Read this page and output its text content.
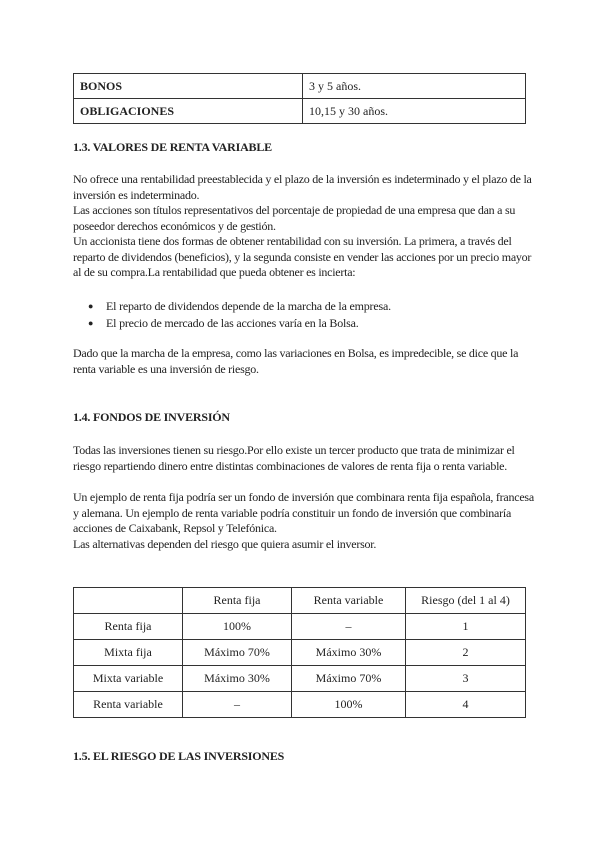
BONOS	3 y 5 años.
OBLIGACIONES	10,15 y 30 años.
1.3. VALORES DE RENTA VARIABLE

No ofrece una rentabilidad preestablecida y el plazo de la inversión es indeterminado y el plazo de la inversión es indeterminado.

Las acciones son títulos representativos del porcentaje de propiedad de una empresa que dan a su poseedor derechos económicos y de gestión.

Un accionista tiene dos formas de obtener rentabilidad con su inversión. La primera, a través del reparto de dividendos (beneficios), y la segunda consiste en vender las acciones por un precio mayor al de su compra.La rentabilidad que pueda obtener es incierta:

● El reparto de dividendos depende de la marcha de la empresa.
● El precio de mercado de las acciones varía en la Bolsa.

Dado que la marcha de la empresa, como las variaciones en Bolsa, es impredecible, se dice que la renta variable es una inversión de riesgo.

1.4. FONDOS DE INVERSIÓN

Todas las inversiones tienen su riesgo.Por ello existe un tercer producto que trata de minimizar el riesgo repartiendo dinero entre distintas combinaciones de valores de renta fija o renta variable.

Un ejemplo de renta fija podría ser un fondo de inversión que combinara renta fija española, francesa y alemana. Un ejemplo de renta variable podría constituir un fondo de inversión que combinaría acciones de Caixabank, Repsol y Telefónica.

Las alternativas dependen del riesgo que quiera asumir el inversor.

	Renta fija	Renta variable	Riesgo (del 1 al 4)
Renta fija	100%	–	1
Mixta fija	Máximo 70%	Máximo 30%	2
Mixta variable	Máximo 30%	Máximo 70%	3
Renta variable	–	100%	4
1.5. EL RIESGO DE LAS INVERSIONES
